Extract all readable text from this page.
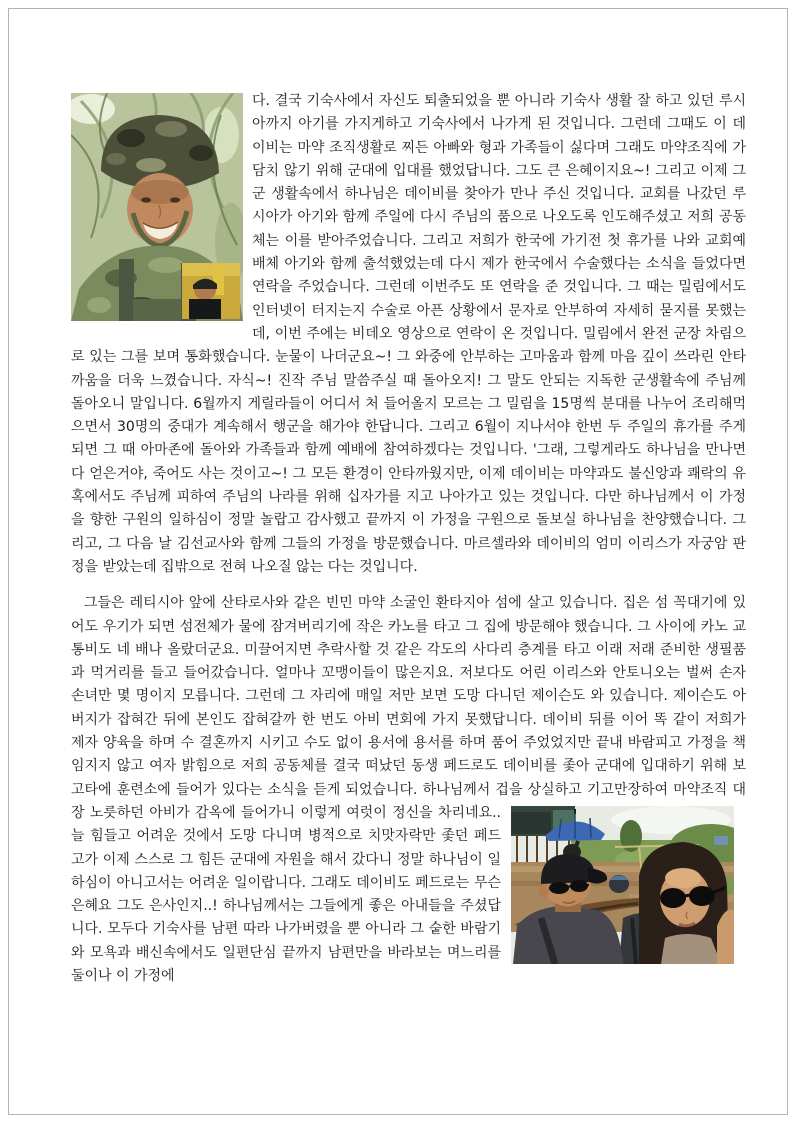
다. 결국 기숙사에서 자신도 퇴출되었을 뿐 아니라 기숙사 생활 잘 하고 있던 루시아까지 아기를 가지게하고 기숙사에서 나가게 된 것입니다. 그런데 그때도 이 데이비는 마약 조직생활로 찌든 아빠와 형과 가족들이 싫다며 그래도 마약조직에 가담치 않기 위해 군대에 입대를 했었답니다. 그도 큰 은혜이지요~! 그리고 이제 그 군 생활속에서 하나님은 데이비를 찾아가 만나 주신 것입니다. 교회를 나갔던 루시아가 아기와 함께 주일에 다시 주님의 품으로 나오도록 인도해주셨고 저희 공동체는 이를 받아주었습니다. 그리고 저희가 한국에 가기전 첫 휴가를 나와 교회예배체 아기와 함께 출석했었는데 다시 제가 한국에서 수술했다는 소식을 들었다면 연락을 주었습니다. 그런데 이번주도 또 연락을 준 것입니다. 그 때는 밀림에서도 인터넷이 터지는지 수술로 아픈 상황에서 문자로 안부하여 자세히 묻지를 못했는데, 이번 주에는 비데오 영상으로 연락이 온 것입니다. 밀림에서 완전 군장 차림으로 있는 그를 보며 통화했습니다. 눈물이 나더군요~! 그 와중에 안부하는 고마움과 함께 마음 깊이 쓰라린 안타까움을 더욱 느꼈습니다. 자식~! 진작 주님 말씀주실 때 돌아오지! 그 말도 안되는 지독한 군생활속에 주님께 돌아오니 말입니다. 6월까지 게릴라들이 어디서 처 들어올지 모르는 그 밀림을 15명씩 분대를 나누어 조리해먹으면서 30명의 중대가 계속해서 행군을 해가야 한답니다. 그리고 6월이 지나서야 한번 두 주일의 휴가를 주게 되면 그 때 아마존에 돌아와 가족들과 함께 예배에 참여하겠다는 것입니다. '그래, 그렇게라도 하나님을 만나면 다 얻은거야, 죽어도 사는 것이고~! 그 모든 환경이 안타까웠지만, 이제 데이비는 마약과도 불신앙과 쾌락의 유혹에서도 주님께 피하여 주님의 나라를 위해 십자가를 지고 나아가고 있는 것입니다. 다만 하나님께서 이 가정을 향한 구원의 일하심이 정말 놀랍고 감사했고 끝까지 이 가정을 구원으로 돌보실 하나님을 찬양했습니다. 그리고, 그 다음 날 김선교사와 함께 그들의 가정을 방문했습니다. 마르셀라와 데이비의 엄미 이리스가 자궁암 판정을 받았는데 집밖으로 전혀 나오질 않는 다는 것입니다.

그들은 레티시아 앞에 산타로사와 같은 빈민 마약 소굴인 환타지아 섬에 살고 있습니다. 집은 섬 꼭대기에 있어도 우기가 되면 섬전체가 물에 잠겨버리기에 작은 카노를 타고 그 집에 방문해야 했습니다. 그 사이에 카노 교통비도 네 배나 올랐더군요. 미끌어지면 추락사할 것 같은 각도의 사다리 층계를 타고 이래 저래 준비한 생필품과 먹거리를 들고 들어갔습니다. 얼마나 꼬맹이들이 많은지요. 저보다도 어린 이리스와 안토니오는 벌써 손자 손녀만 몇 명이지 모릅니다. 그런데 그 자리에 매일 저만 보면 도망 다니던 제이슨도 와 있습니다. 제이슨도 아버지가 잡혀간 뒤에 본인도 잡혀갈까 한 번도 아비 면회에 가지 못했답니다. 데이비 뒤를 이어 똑 같이 저희가 제자 양육을 하며 수 결혼까지 시키고 수도 없이 용서에 용서를 하며 품어 주었었지만 끝내 바람피고 가정을 책임지지 않고 여자 밝힘으로 저희 공동체를 결국 떠났던 동생 페드로도 데이비를 좇아 군대에 입대하기 위해 보고타에 훈련소에 들어가 있다는 소식을 듣게 되었습니다. 하나님께서 겁을 상실하고 기고만장하여 마약조직 대장 노릇하던 아비가 감옥에 들어가
니 이렇게 여럿이 정신을 차리네요.. 늘 힘들고 어려운 것에서 도망 다니며 병적으로 치맛자락만 좇던 페드고가 이제 스스로 그 힘든 군대에 자원을 해서 갔다니 정말 하나님이 일하심이 아니고서는 어려운 일이랍니다. 그래도 데이비도 페드로는 무슨 은혜요 그도 은사인지..! 하나님께서는 그들에게 좋은 아내들을 주셨답니다. 모두다 기숙사를 남편 따라 나가버렸을 뿐 아니라 그 숱한 바람기와 모욕과 배신속에서도 일편단심 끝까지 남편만을 바라보는 며느리를 둘이나 이 가정에
